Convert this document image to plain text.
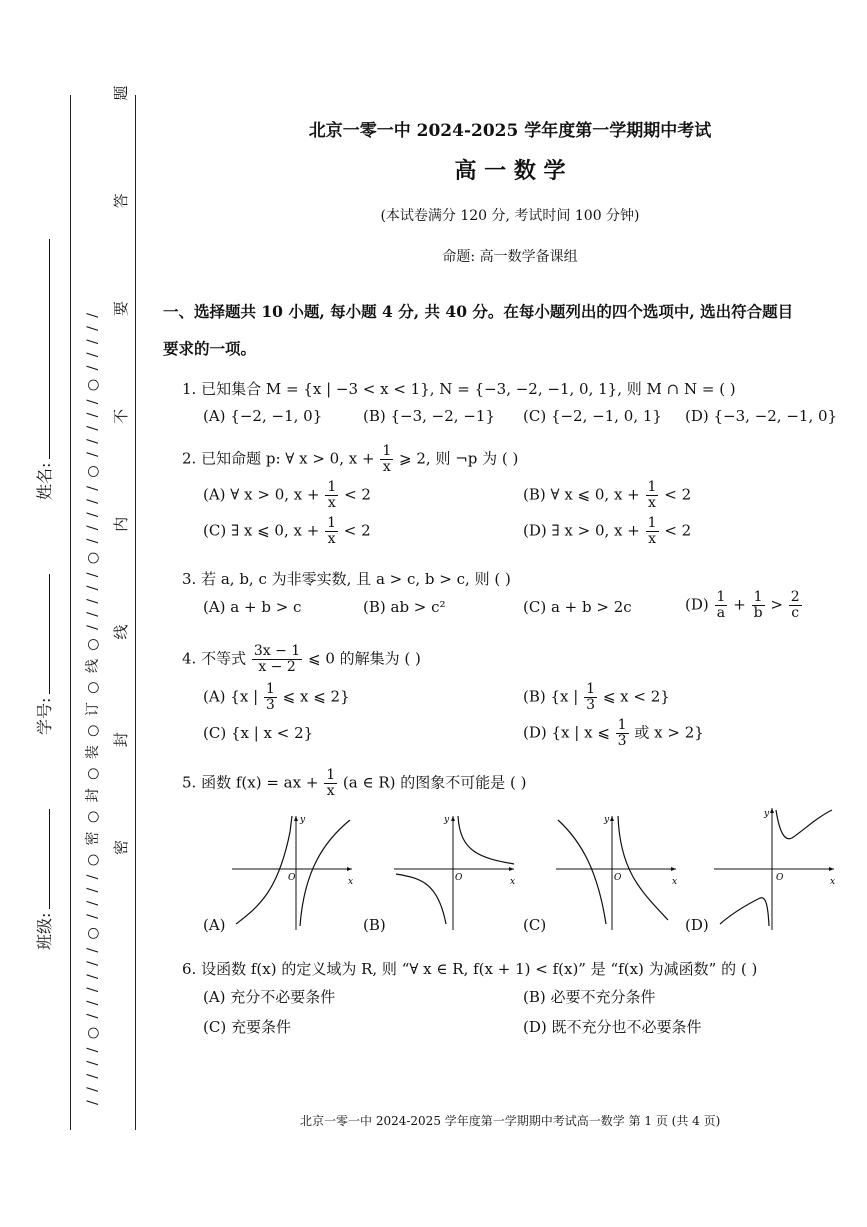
班级:
学号:
姓名: / / / / / ○ / / / / / / ○ / / / / ○ 密 ○ 封 ○ 装 ○ 订 ○ 线 ○ / / / / / ○ / / / / / ○ / / / / / ○ / / / / / 密 封 线 内 不 要 答 题	北京一零一中 2024-2025 学年度第一学期期中考试
高 一 数 学
(本试卷满分 120 分, 考试时间 100 分钟)
命题: 高一数学备课组
一、选择题共 10 小题, 每小题 4 分, 共 40 分。在每小题列出的四个选项中, 选出符合题目
要求的一项。
1. 已知集合 M = {x | −3 < x < 1}, N = {−3, −2, −1, 0, 1}, 则 M ∩ N = ( )
(A) {−2, −1, 0}	(B) {−3, −2, −1} (C) {−2, −1, 0, 1} (D) {−3, −2, −1, 0}
2. 已知命题 p: ∀ x > 0, $x + \frac{1}{x}$ ⩾ 2, 则 ¬p 为 ( )
(A) ∀ x > 0, $x + \frac{1}{x} < 2$	(B) ∀ x ⩽ 0, $x + \frac{1}{x} < 2$
(C) ∃ x ⩽ 0, $x + \frac{1}{x} < 2$	(D) ∃ x > 0, $x + \frac{1}{x} < 2$
3. 若 a, b, c 为非零实数, 且 a > c, b > c, 则 ( )
(A) a + b > c	(B) ab > c²	(C) a + b > 2c	$(D) \frac{1}{a} + \frac{1}{b} > \frac{2}{c}$
4. 不等式 $\frac{3x - 1}{x - 2}$ ⩽ 0 的解集为 ( )
(A) {x | $\frac{1}{3}$ ⩽ x ⩽ 2}	(B) {x | $\frac{1}{3}$ ⩽ x < 2}
(C) {x | x < 2}	(D) {x | x ⩽ $\frac{1}{3}$ 或 x > 2}
5. 函数 f(x) = ax + $\frac{1}{x} (a$ ∈ R) 的图象不可能是 ( )
x
y
O
(A)
x
y
O
(B)
x
y
O
(C)
x
y
O
(D)
6. 设函数 f(x) 的定义域为 R, 则 “∀ x ∈ R, f(x + 1) < f(x)” 是 “f(x) 为减函数” 的 ( )
(A) 充分不必要条件	(B) 必要不充分条件
(C) 充要条件	(D) 既不充分也不必要条件
北京一零一中 2024-2025 学年度第一学期期中考试高一数学 第 1 页 (共 4 页)
